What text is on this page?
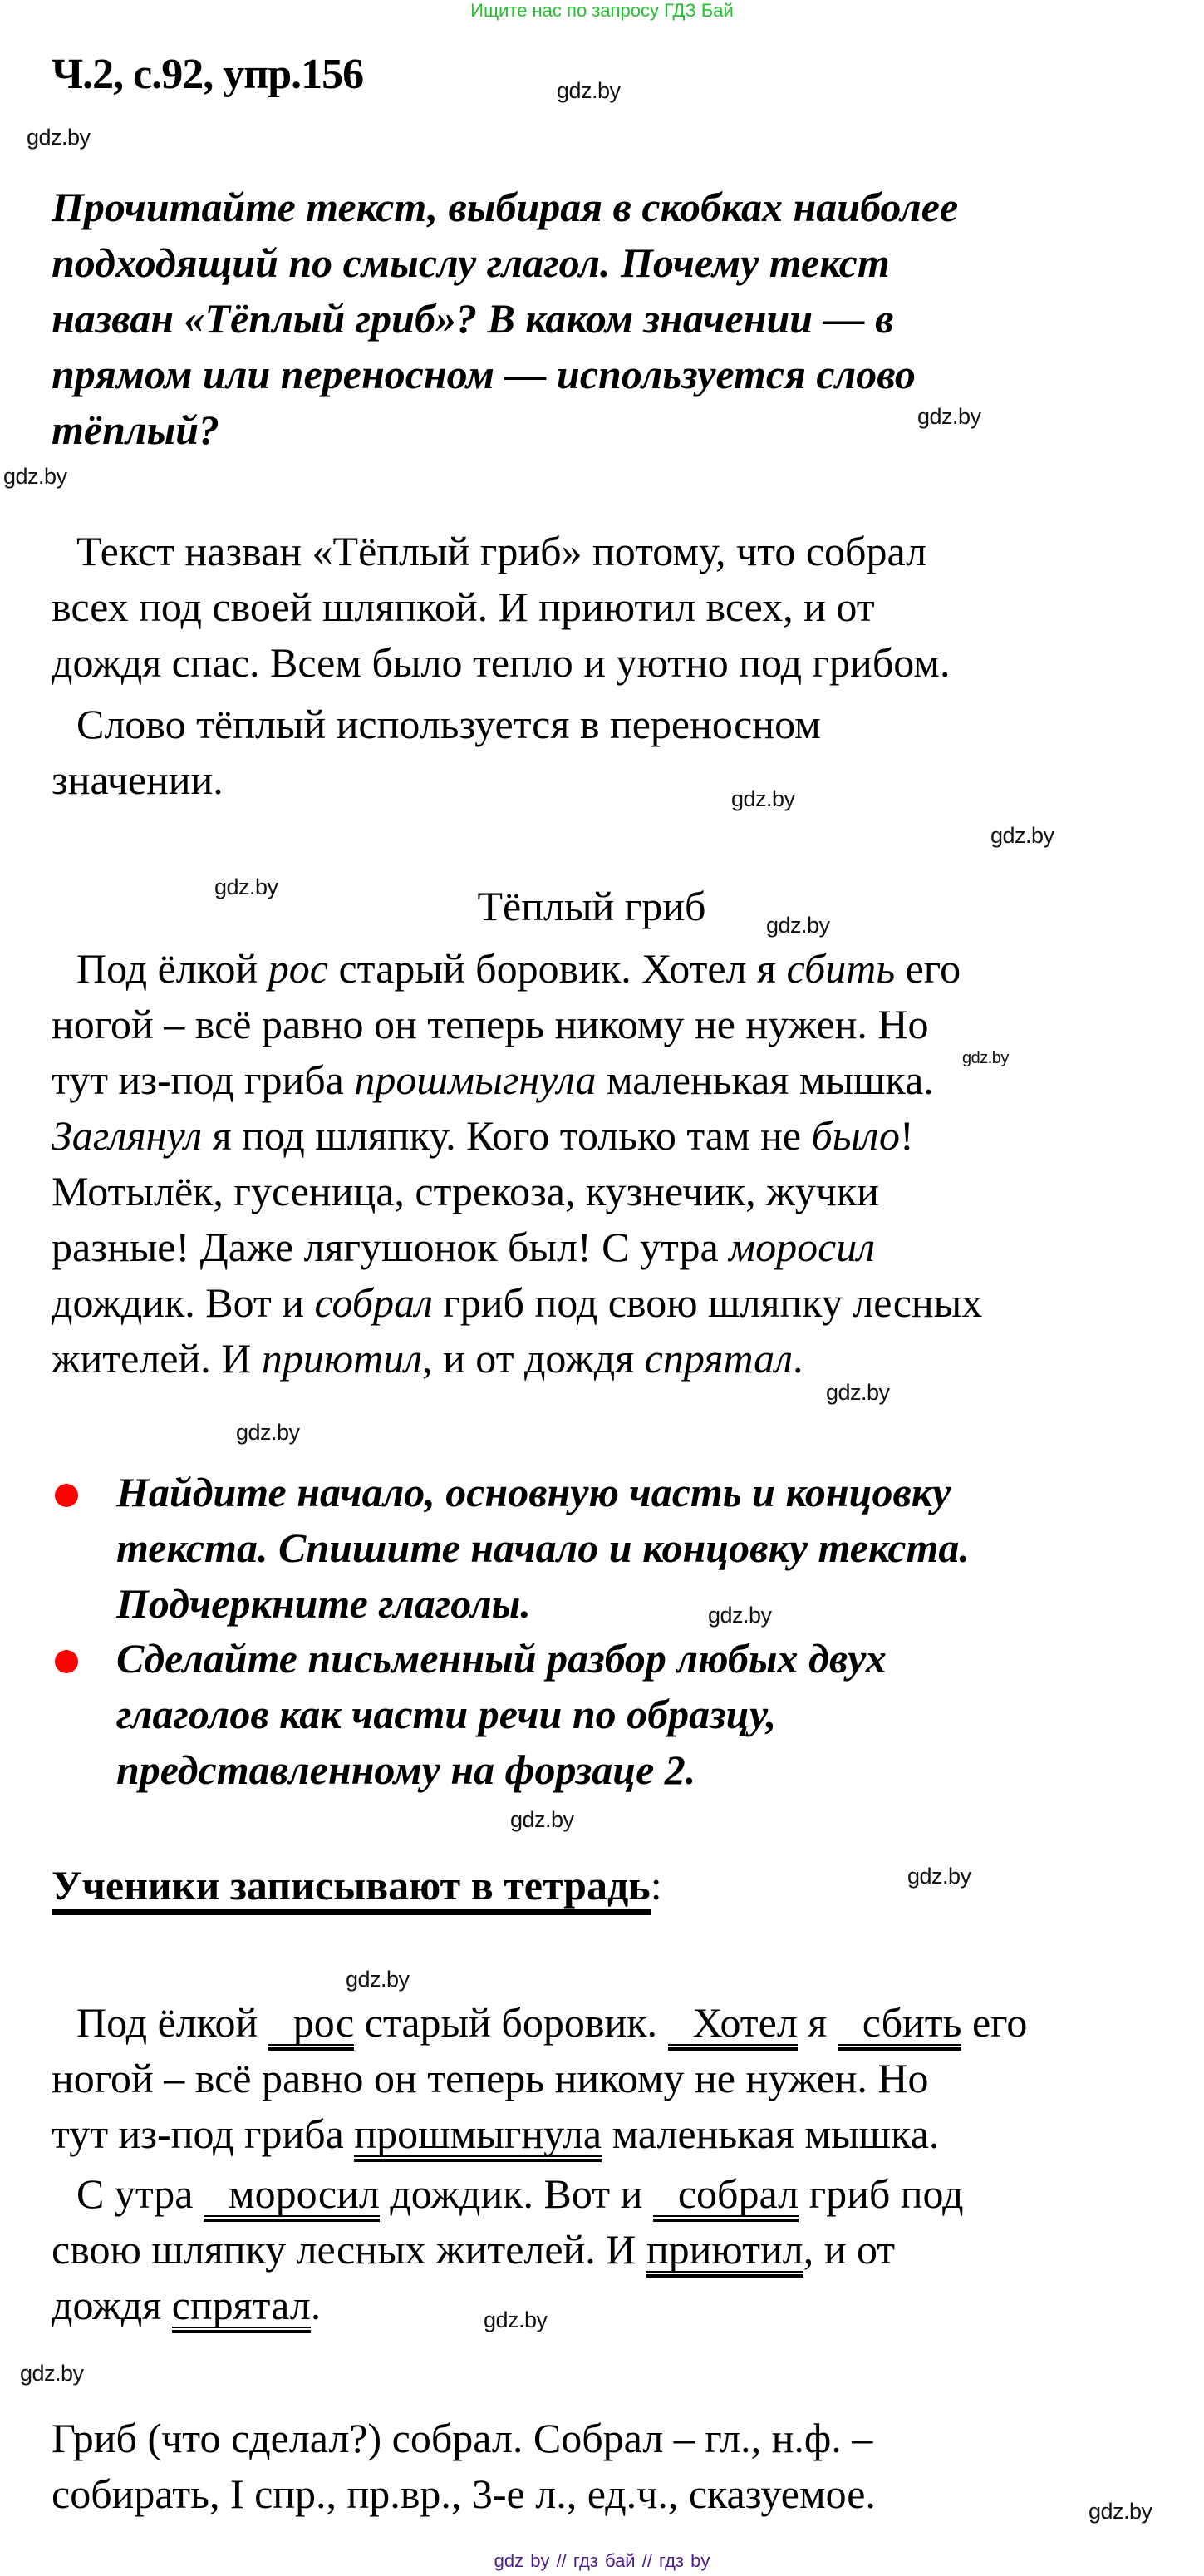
Ищите нас по запросу ГДЗ Бай
Ч.2, с.92, упр.156	gdz.by
gdz.by
gdz.by
gdz.by
gdz.by
gdz.by
gdz.by
gdz.by
gdz.by
gdz.by
gdz.by
gdz.by
gdz.by
gdz.by
gdz.by
gdz.by
gdz.by
gdz.by
Прочитайте текст, выбирая в скобках наиболее
подходящий по смыслу глагол. Почему текст
назван «Тёплый гриб»? В каком значении — в
прямом или переносном — используется слово
тёплый?
Текст назван «Тёплый гриб» потому, что собрал
всех под своей шляпкой. И приютил всех, и от
дождя спас. Всем было тепло и уютно под грибом.
Слово тёплый используется в переносном
значении.
Тёплый гриб
Под ёлкой рос старый боровик. Хотел я сбить его
ногой – всё равно он теперь никому не нужен. Но
тут из-под гриба прошмыгнула маленькая мышка.
Заглянул я под шляпку. Кого только там не было!
Мотылёк, гусеница, стрекоза, кузнечик, жучки
разные! Даже лягушонок был! С утра моросил
дождик. Вот и собрал гриб под свою шляпку лесных
жителей. И приютил, и от дождя спрятал.
Найдите начало, основную часть и концовку
текста. Спишите начало и концовку текста.
Подчеркните глаголы.
Сделайте письменный разбор любых двух
глаголов как части речи по образцу,
представленному на форзаце 2.
Ученики записывают в тетрадь:
Под ёлкой рос старый боровик. Хотел я сбить его
ногой – всё равно он теперь никому не нужен. Но
тут из-под гриба прошмыгнула маленькая мышка.
С утра моросил дождик. Вот и собрал гриб под
свою шляпку лесных жителей. И приютил, и от
дождя спрятал.
Гриб (что сделал?) собрал. Собрал – гл., н.ф. –
собирать, I спр., пр.вр., 3-е л., ед.ч., сказуемое.
gdz by // гдз бай // гдз by
